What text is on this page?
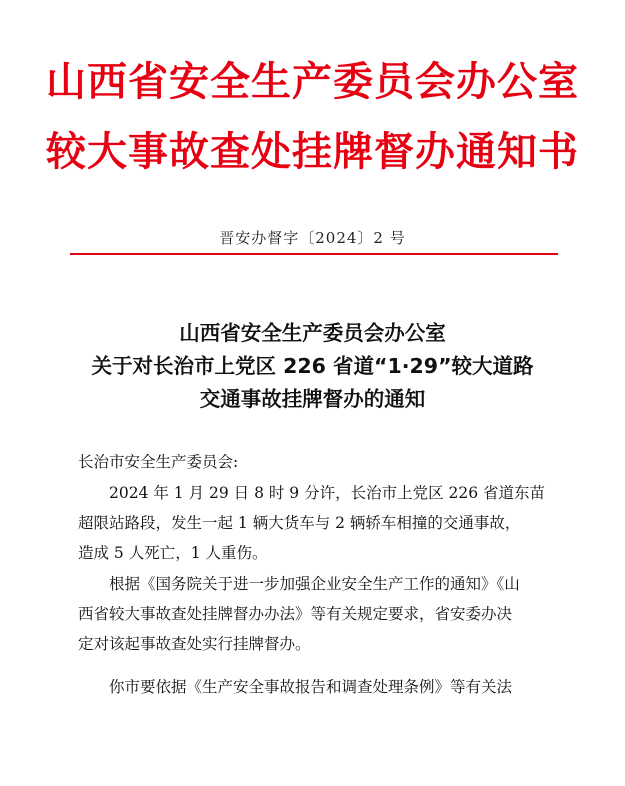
山西省安全生产委员会办公室
较大事故查处挂牌督办通知书
晋安办督字〔2024〕2 号
山西省安全生产委员会办公室
关于对长治市上党区 226 省道“1·29”较大道路
交通事故挂牌督办的通知
长治市安全生产委员会:
2024 年 1 月 29 日 8 时 9 分许，长治市上党区 226 省道东苗
超限站路段，发生一起 1 辆大货车与 2 辆轿车相撞的交通事故，
造成 5 人死亡，1 人重伤。
根据《国务院关于进一步加强企业安全生产工作的通知》《山
西省较大事故查处挂牌督办办法》等有关规定要求，省安委办决
定对该起事故查处实行挂牌督办。
你市要依据《生产安全事故报告和调查处理条例》等有关法
